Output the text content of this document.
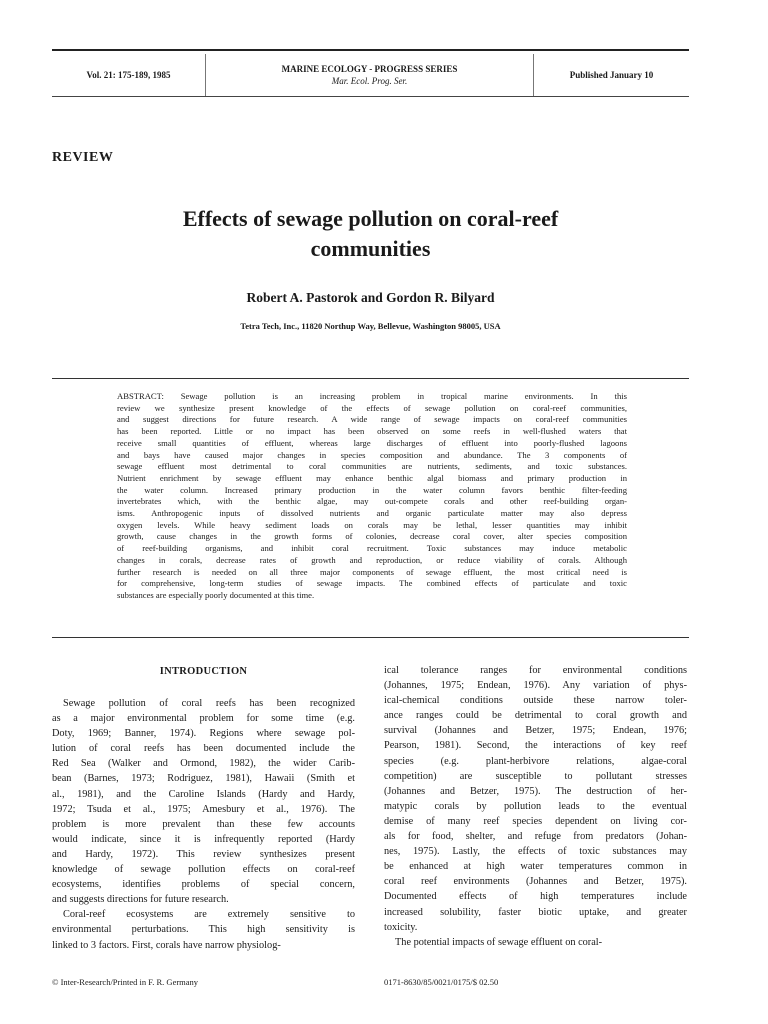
Vol. 21: 175-189, 1985
MARINE ECOLOGY - PROGRESS SERIES
Mar. Ecol. Prog. Ser.
Published January 10
REVIEW
Effects of sewage pollution on coral-reef
communities
Robert A. Pastorok and Gordon R. Bilyard
Tetra Tech, Inc., 11820 Northup Way, Bellevue, Washington 98005, USA
ABSTRACT: Sewage pollution is an increasing problem in tropical marine environments. In this
review we synthesize present knowledge of the effects of sewage pollution on coral-reef communities,
and suggest directions for future research. A wide range of sewage impacts on coral-reef communities
has been reported. Little or no impact has been observed on some reefs in well-flushed waters that
receive small quantities of effluent, whereas large discharges of effluent into poorly-flushed lagoons
and bays have caused major changes in species composition and abundance. The 3 components of
sewage effluent most detrimental to coral communities are nutrients, sediments, and toxic substances.
Nutrient enrichment by sewage effluent may enhance benthic algal biomass and primary production in
the water column. Increased primary production in the water column favors benthic filter-feeding
invertebrates which, with the benthic algae, may out-compete corals and other reef-building organ-
isms. Anthropogenic inputs of dissolved nutrients and organic particulate matter may also depress
oxygen levels. While heavy sediment loads on corals may be lethal, lesser quantities may inhibit
growth, cause changes in the growth forms of colonies, decrease coral cover, alter species composition
of reef-building organisms, and inhibit coral recruitment. Toxic substances may induce metabolic
changes in corals, decrease rates of growth and reproduction, or reduce viability of corals. Although
further research is needed on all three major components of sewage effluent, the most critical need is
for comprehensive, long-term studies of sewage impacts. The combined effects of particulate and toxic
substances are especially poorly documented at this time.
INTRODUCTION
Sewage pollution of coral reefs has been recognized
as a major environmental problem for some time (e.g.
Doty, 1969; Banner, 1974). Regions where sewage pol-
lution of coral reefs has been documented include the
Red Sea (Walker and Ormond, 1982), the wider Carib-
bean (Barnes, 1973; Rodriguez, 1981), Hawaii (Smith et
al., 1981), and the Caroline Islands (Hardy and Hardy,
1972; Tsuda et al., 1975; Amesbury et al., 1976). The
problem is more prevalent than these few accounts
would indicate, since it is infrequently reported (Hardy
and Hardy, 1972). This review synthesizes present
knowledge of sewage pollution effects on coral-reef
ecosystems, identifies problems of special concern,
and suggests directions for future research.
Coral-reef ecosystems are extremely sensitive to
environmental perturbations. This high sensitivity is
linked to 3 factors. First, corals have narrow physiolog-
ical tolerance ranges for environmental conditions
(Johannes, 1975; Endean, 1976). Any variation of phys-
ical-chemical conditions outside these narrow toler-
ance ranges could be detrimental to coral growth and
survival (Johannes and Betzer, 1975; Endean, 1976;
Pearson, 1981). Second, the interactions of key reef
species (e.g. plant-herbivore relations, algae-coral
competition) are susceptible to pollutant stresses
(Johannes and Betzer, 1975). The destruction of her-
matypic corals by pollution leads to the eventual
demise of many reef species dependent on living cor-
als for food, shelter, and refuge from predators (Johan-
nes, 1975). Lastly, the effects of toxic substances may
be enhanced at high water temperatures common in
coral reef environments (Johannes and Betzer, 1975).
Documented effects of high temperatures include
increased solubility, faster biotic uptake, and greater
toxicity.
The potential impacts of sewage effluent on coral-
© Inter-Research/Printed in F. R. Germany	0171-8630/85/0021/0175/$ 02.50
